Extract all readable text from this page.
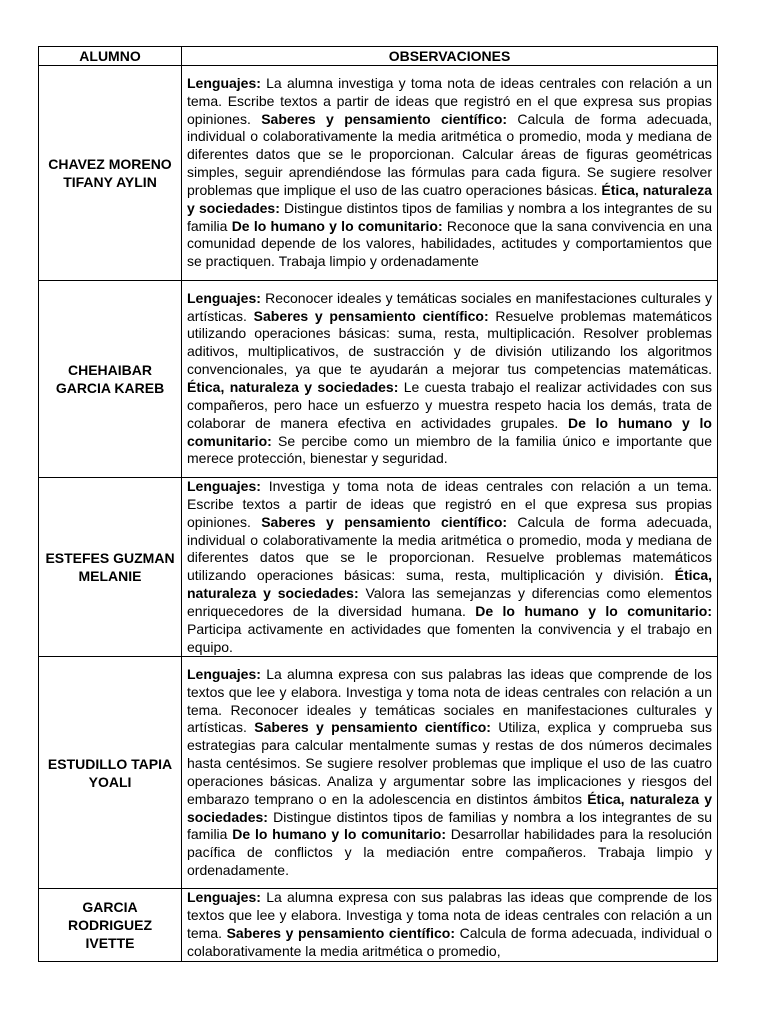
ALUMNO	OBSERVACIONES
CHAVEZ MORENO TIFANY AYLIN	Lenguajes: La alumna investiga y toma nota de ideas centrales con relación a un tema. Escribe textos a partir de ideas que registró en el que expresa sus propias opiniones. Saberes y pensamiento científico: Calcula de forma adecuada, individual o colaborativamente la media aritmética o promedio, moda y mediana de diferentes datos que se le proporcionan. Calcular áreas de figuras geométricas simples, seguir aprendiéndose las fórmulas para cada figura. Se sugiere resolver problemas que implique el uso de las cuatro operaciones básicas. Ética, naturaleza y sociedades: Distingue distintos tipos de familias y nombra a los integrantes de su familia De lo humano y lo comunitario: Reconoce que la sana convivencia en una comunidad depende de los valores, habilidades, actitudes y comportamientos que se practiquen. Trabaja limpio y ordenadamente
CHEHAIBAR GARCIA KAREB	Lenguajes: Reconocer ideales y temáticas sociales en manifestaciones culturales y artísticas. Saberes y pensamiento científico: Resuelve problemas matemáticos utilizando operaciones básicas: suma, resta, multiplicación. Resolver problemas aditivos, multiplicativos, de sustracción y de división utilizando los algoritmos convencionales, ya que te ayudarán a mejorar tus competencias matemáticas. Ética, naturaleza y sociedades: Le cuesta trabajo el realizar actividades con sus compañeros, pero hace un esfuerzo y muestra respeto hacia los demás, trata de colaborar de manera efectiva en actividades grupales. De lo humano y lo comunitario: Se percibe como un miembro de la familia único e importante que merece protección, bienestar y seguridad.
ESTEFES GUZMAN MELANIE	Lenguajes: Investiga y toma nota de ideas centrales con relación a un tema. Escribe textos a partir de ideas que registró en el que expresa sus propias opiniones. Saberes y pensamiento científico: Calcula de forma adecuada, individual o colaborativamente la media aritmética o promedio, moda y mediana de diferentes datos que se le proporcionan. Resuelve problemas matemáticos utilizando operaciones básicas: suma, resta, multiplicación y división. Ética, naturaleza y sociedades: Valora las semejanzas y diferencias como elementos enriquecedores de la diversidad humana. De lo humano y lo comunitario: Participa activamente en actividades que fomenten la convivencia y el trabajo en equipo.
ESTUDILLO TAPIA YOALI	Lenguajes: La alumna expresa con sus palabras las ideas que comprende de los textos que lee y elabora. Investiga y toma nota de ideas centrales con relación a un tema. Reconocer ideales y temáticas sociales en manifestaciones culturales y artísticas. Saberes y pensamiento científico: Utiliza, explica y comprueba sus estrategias para calcular mentalmente sumas y restas de dos números decimales hasta centésimos. Se sugiere resolver problemas que implique el uso de las cuatro operaciones básicas. Analiza y argumentar sobre las implicaciones y riesgos del embarazo temprano o en la adolescencia en distintos ámbitos Ética, naturaleza y sociedades: Distingue distintos tipos de familias y nombra a los integrantes de su familia De lo humano y lo comunitario: Desarrollar habilidades para la resolución pacífica de conflictos y la mediación entre compañeros. Trabaja limpio y ordenadamente.
GARCIA RODRIGUEZ IVETTE	Lenguajes: La alumna expresa con sus palabras las ideas que comprende de los textos que lee y elabora. Investiga y toma nota de ideas centrales con relación a un tema. Saberes y pensamiento científico: Calcula de forma adecuada, individual o colaborativamente la media aritmética o promedio,
